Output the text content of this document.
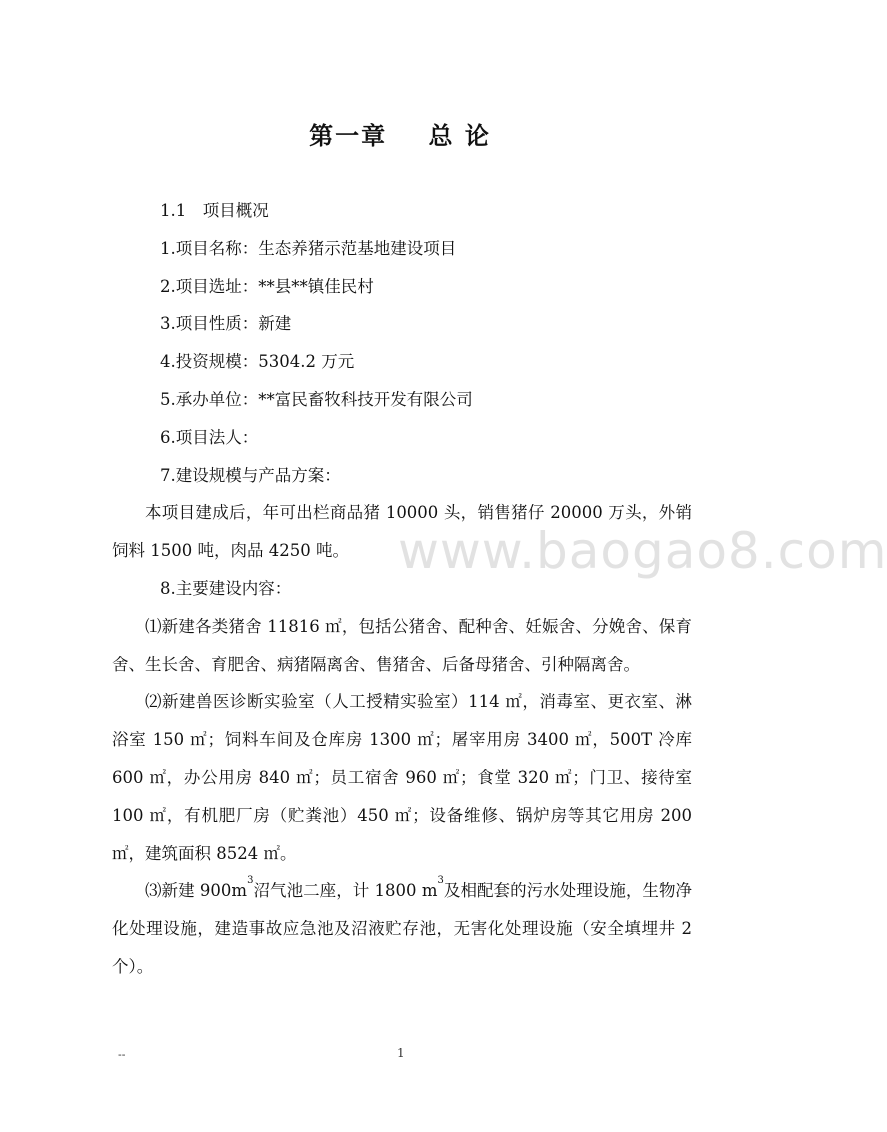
www.baogao8.com
第一章    总 论
1.1　项目概况
1.项目名称：生态养猪示范基地建设项目
2.项目选址：**县**镇佳民村
3.项目性质：新建
4.投资规模：5304.2 万元
5.承办单位：**富民畜牧科技开发有限公司
6.项目法人：
7.建设规模与产品方案：
本项目建成后，年可出栏商品猪 10000 头，销售猪仔 20000 万头，外销饲料 1500 吨，肉品 4250 吨。
8.主要建设内容：
⑴新建各类猪舍 11816 ㎡，包括公猪舍、配种舍、妊娠舍、分娩舍、保育舍、生长舍、育肥舍、病猪隔离舍、售猪舍、后备母猪舍、引种隔离舍。
⑵新建兽医诊断实验室（人工授精实验室）114 ㎡，消毒室、更衣室、淋浴室 150 ㎡；饲料车间及仓库房 1300 ㎡；屠宰用房 3400 ㎡，500T 冷库 600 ㎡，办公用房 840 ㎡；员工宿舍 960 ㎡；食堂 320 ㎡；门卫、接待室 100 ㎡，有机肥厂房（贮粪池）450 ㎡；设备维修、锅炉房等其它用房 200 ㎡，建筑面积 8524 ㎡。
⑶新建 $900m^3$沼气池二座，计 1800 $m^3$及相配套的污水处理设施，生物净化处理设施，建造事故应急池及沼液贮存池，无害化处理设施（安全填埋井 2 个）。
--	1
